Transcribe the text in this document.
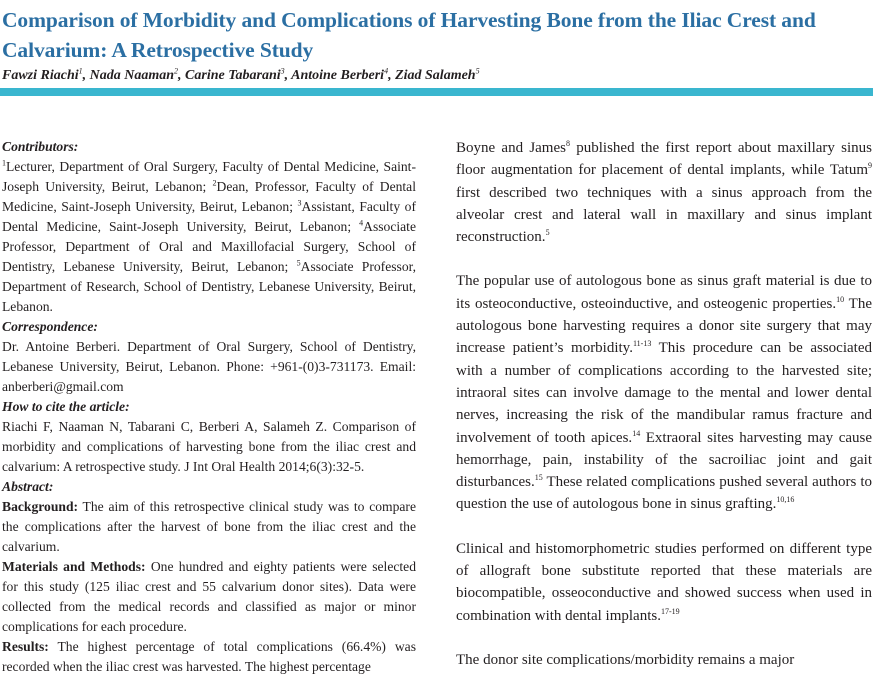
Comparison of Morbidity and Complications of Harvesting Bone from the Iliac Crest and Calvarium: A Retrospective Study
Fawzi Riachi$^1$, Nada Naaman$^2$, Carine Tabarani$^3$, Antoine Berberi$^4$, Ziad Salameh$^5$
Contributors:
$^1$Lecturer, Department of Oral Surgery, Faculty of Dental Medicine, Saint-Joseph University, Beirut, Lebanon; $^2$Dean, Professor, Faculty of Dental Medicine, Saint-Joseph University, Beirut, Lebanon; $^3$Assistant, Faculty of Dental Medicine, Saint-Joseph University, Beirut, Lebanon; $^4$Associate Professor, Department of Oral and Maxillofacial Surgery, School of Dentistry, Lebanese University, Beirut, Lebanon; $^5$Associate Professor, Department of Research, School of Dentistry, Lebanese University, Beirut, Lebanon.
Correspondence:
Dr. Antoine Berberi. Department of Oral Surgery, School of Dentistry, Lebanese University, Beirut, Lebanon. Phone: +961-(0)3-731173. Email: anberberi@gmail.com
How to cite the article:
Riachi F, Naaman N, Tabarani C, Berberi A, Salameh Z. Comparison of morbidity and complications of harvesting bone from the iliac crest and calvarium: A retrospective study. J Int Oral Health 2014;6(3):32-5.
Abstract:
Background: The aim of this retrospective clinical study was to compare the complications after the harvest of bone from the iliac crest and the calvarium.
Materials and Methods: One hundred and eighty patients were selected for this study (125 iliac crest and 55 calvarium donor sites). Data were collected from the medical records and classified as major or minor complications for each procedure.
Results: The highest percentage of total complications (66.4%) was recorded when the iliac crest was harvested. The highest percentage

Boyne and James$^8$ published the first report about maxillary sinus floor augmentation for placement of dental implants, while Tatum$^9$ first described two techniques with a sinus approach from the alveolar crest and lateral wall in maxillary and sinus implant reconstruction.$^5$

The popular use of autologous bone as sinus graft material is due to its osteoconductive, osteoinductive, and osteogenic properties.$^{10}$ The autologous bone harvesting requires a donor site surgery that may increase patient’s morbidity.$^{11-13}$ This procedure can be associated with a number of complications according to the harvested site; intraoral sites can involve damage to the mental and lower dental nerves, increasing the risk of the mandibular ramus fracture and involvement of tooth apices.$^{14}$ Extraoral sites harvesting may cause hemorrhage, pain, instability of the sacroiliac joint and gait disturbances.$^{15}$ These related complications pushed several authors to question the use of autologous bone in sinus grafting.$^{10,16}$

Clinical and histomorphometric studies performed on different type of allograft bone substitute reported that these materials are biocompatible, osseoconductive and showed success when used in combination with dental implants.$^{17-19}$

The donor site complications/morbidity remains a major
